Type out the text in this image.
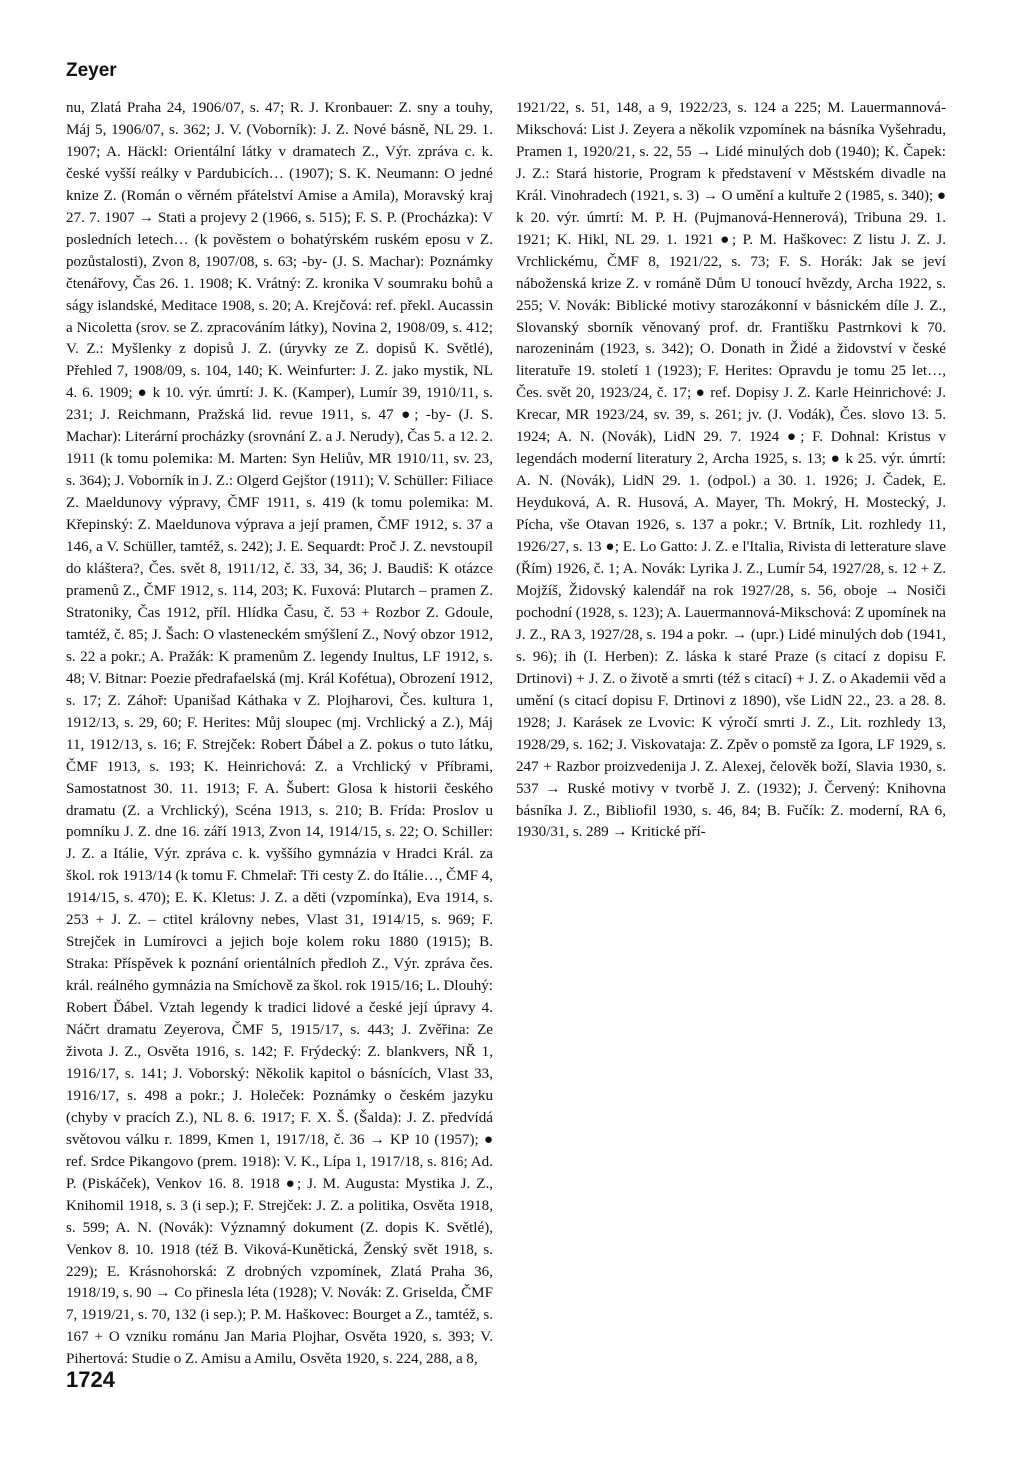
Zeyer
nu, Zlatá Praha 24, 1906/07, s. 47; R. J. Kronbauer: Z. sny a touhy, Máj 5, 1906/07, s. 362; J. V. (Voborník): J. Z. Nové básně, NL 29. 1. 1907; A. Häckl: Orientální látky v dramatech Z., Výr. zpráva c. k. české vyšší reálky v Pardubicích… (1907); S. K. Neumann: O jedné knize Z. (Román o věrném přátelství Amise a Amila), Moravský kraj 27. 7. 1907 → Stati a projevy 2 (1966, s. 515); F. S. P. (Procházka): V posledních letech… (k pověstem o bohatýrském ruském eposu v Z. pozůstalosti), Zvon 8, 1907/08, s. 63; -by- (J. S. Machar): Poznámky čtenářovy, Čas 26. 1. 1908; K. Vrátný: Z. kronika V soumraku bohů a ságy islandské, Meditace 1908, s. 20; A. Krejčová: ref. překl. Aucassin a Nicoletta (srov. se Z. zpracováním látky), Novina 2, 1908/09, s. 412; V. Z.: Myšlenky z dopisů J. Z. (úryvky ze Z. dopisů K. Světlé), Přehled 7, 1908/09, s. 104, 140; K. Weinfurter: J. Z. jako mystik, NL 4. 6. 1909; ● k 10. výr. úmrtí: J. K. (Kamper), Lumír 39, 1910/11, s. 231; J. Reichmann, Pražská lid. revue 1911, s. 47 ●; -by- (J. S. Machar): Literární procházky (srovnání Z. a J. Nerudy), Čas 5. a 12. 2. 1911 (k tomu polemika: M. Marten: Syn Heliův, MR 1910/11, sv. 23, s. 364); J. Voborník in J. Z.: Olgerd Gejštor (1911); V. Schüller: Filiace Z. Maeldunovy výpravy, ČMF 1911, s. 419 (k tomu polemika: M. Křepinský: Z. Maeldunova výprava a její pramen, ČMF 1912, s. 37 a 146, a V. Schüller, tamtéž, s. 242); J. E. Sequardt: Proč J. Z. nevstoupil do kláštera?, Čes. svět 8, 1911/12, č. 33, 34, 36; J. Baudiš: K otázce pramenů Z., ČMF 1912, s. 114, 203; K. Fuxová: Plutarch – pramen Z. Stratoniky, Čas 1912, příl. Hlídka Času, č. 53 + Rozbor Z. Gdoule, tamtéž, č. 85; J. Šach: O vlasteneckém smýšlení Z., Nový obzor 1912, s. 22 a pokr.; A. Pražák: K pramenům Z. legendy Inultus, LF 1912, s. 48; V. Bitnar: Poezie předrafaelská (mj. Král Kofétua), Obrození 1912, s. 17; Z. Záhoř: Upanišad Káthaka v Z. Plojharovi, Čes. kultura 1, 1912/13, s. 29, 60; F. Herites: Můj sloupec (mj. Vrchlický a Z.), Máj 11, 1912/13, s. 16; F. Strejček: Robert Ďábel a Z. pokus o tuto látku, ČMF 1913, s. 193; K. Heinrichová: Z. a Vrchlický v Příbrami, Samostatnost 30. 11. 1913; F. A. Šubert: Glosa k historii českého dramatu (Z. a Vrchlický), Scéna 1913, s. 210; B. Frída: Proslov u pomníku J. Z. dne 16. září 1913, Zvon 14, 1914/15, s. 22; O. Schiller: J. Z. a Itálie, Výr. zpráva c. k. vyššího gymnázia v Hradci Král. za škol. rok 1913/14 (k tomu F. Chmelař: Tři cesty Z. do Itálie…, ČMF 4, 1914/15, s. 470); E. K. Kletus: J. Z. a děti (vzpomínka), Eva 1914, s. 253 + J. Z. – ctitel královny nebes, Vlast 31, 1914/15, s. 969; F. Strejček in Lumírovci a jejich boje kolem roku 1880 (1915); B. Straka: Příspěvek k poznání orientálních předloh Z., Výr. zpráva čes. král. reálného gymnázia na Smíchově za škol. rok 1915/16; L. Dlouhý: Robert Ďábel. Vztah legendy k tradici lidové a české její úpravy 4. Náčrt dramatu Zeyerova, ČMF 5, 1915/17, s. 443; J. Zvěřina: Ze života J. Z., Osvěta 1916, s. 142; F. Frýdecký: Z. blankvers, NŘ 1, 1916/17, s. 141; J. Voborský: Několik kapitol o básnících, Vlast 33, 1916/17, s. 498 a pokr.; J. Holeček: Poznámky o českém jazyku (chyby v pracích Z.), NL 8. 6. 1917; F. X. Š. (Šalda): J. Z. předvídá světovou válku r. 1899, Kmen 1, 1917/18, č. 36 → KP 10 (1957); ● ref. Srdce Pikangovo (prem. 1918): V. K., Lípa 1, 1917/18, s. 816; Ad. P. (Piskáček), Venkov 16. 8. 1918 ●; J. M. Augusta: Mystika J. Z., Knihomil 1918, s. 3 (i sep.); F. Strejček: J. Z. a politika, Osvěta 1918, s. 599; A. N. (Novák): Významný dokument (Z. dopis K. Světlé), Venkov 8. 10. 1918 (též B. Viková-Kunětická, Ženský svět 1918, s. 229); E. Krásnohorská: Z drobných vzpomínek, Zlatá Praha 36, 1918/19, s. 90 → Co přinesla léta (1928); V. Novák: Z. Griselda, ČMF 7, 1919/21, s. 70, 132 (i sep.); P. M. Haškovec: Bourget a Z., tamtéž, s. 167 + O vzniku románu Jan Maria Plojhar, Osvěta 1920, s. 393; V. Pihertová: Studie o Z. Amisu a Amilu, Osvěta 1920, s. 224, 288, a 8,
1921/22, s. 51, 148, a 9, 1922/23, s. 124 a 225; M. Lauermannová-Mikschová: List J. Zeyera a několik vzpomínek na básníka Vyšehradu, Pramen 1, 1920/21, s. 22, 55 → Lidé minulých dob (1940); K. Čapek: J. Z.: Stará historie, Program k představení v Městském divadle na Král. Vinohradech (1921, s. 3) → O umění a kultuře 2 (1985, s. 340); ● k 20. výr. úmrtí: M. P. H. (Pujmanová-Hennerová), Tribuna 29. 1. 1921; K. Hikl, NL 29. 1. 1921 ●; P. M. Haškovec: Z listu J. Z. J. Vrchlickému, ČMF 8, 1921/22, s. 73; F. S. Horák: Jak se jeví náboženská krize Z. v románě Dům U tonoucí hvězdy, Archa 1922, s. 255; V. Novák: Biblické motivy starozákonní v básnickém díle J. Z., Slovanský sborník věnovaný prof. dr. Františku Pastrnkovi k 70. narozeninám (1923, s. 342); O. Donath in Židé a židovství v české literatuře 19. století 1 (1923); F. Herites: Opravdu je tomu 25 let…, Čes. svět 20, 1923/24, č. 17; ● ref. Dopisy J. Z. Karle Heinrichové: J. Krecar, MR 1923/24, sv. 39, s. 261; jv. (J. Vodák), Čes. slovo 13. 5. 1924; A. N. (Novák), LidN 29. 7. 1924 ●; F. Dohnal: Kristus v legendách moderní literatury 2, Archa 1925, s. 13; ● k 25. výr. úmrtí: A. N. (Novák), LidN 29. 1. (odpol.) a 30. 1. 1926; J. Čadek, E. Heyduková, A. R. Husová, A. Mayer, Th. Mokrý, H. Mostecký, J. Pícha, vše Otavan 1926, s. 137 a pokr.; V. Brtník, Lit. rozhledy 11, 1926/27, s. 13 ●; E. Lo Gatto: J. Z. e l'Italia, Rivista di letterature slave (Řím) 1926, č. 1; A. Novák: Lyrika J. Z., Lumír 54, 1927/28, s. 12 + Z. Mojžíš, Židovský kalendář na rok 1927/28, s. 56, oboje → Nosiči pochodní (1928, s. 123); A. Lauermannová-Mikschová: Z upomínek na J. Z., RA 3, 1927/28, s. 194 a pokr. → (upr.) Lidé minulých dob (1941, s. 96); ih (I. Herben): Z. láska k staré Praze (s citací z dopisu F. Drtinovi) + J. Z. o životě a smrti (též s citací) + J. Z. o Akademii věd a umění (s citací dopisu F. Drtinovi z 1890), vše LidN 22., 23. a 28. 8. 1928; J. Karásek ze Lvovic: K výročí smrti J. Z., Lit. rozhledy 13, 1928/29, s. 162; J. Viskovataja: Z. Zpěv o pomstě za Igora, LF 1929, s. 247 + Razbor proizvedenija J. Z. Alexej, čelověk boží, Slavia 1930, s. 537 → Ruské motivy v tvorbě J. Z. (1932); J. Červený: Knihovna básníka J. Z., Bibliofil 1930, s. 46, 84; B. Fučík: Z. moderní, RA 6, 1930/31, s. 289 → Kritické pří-
1724
